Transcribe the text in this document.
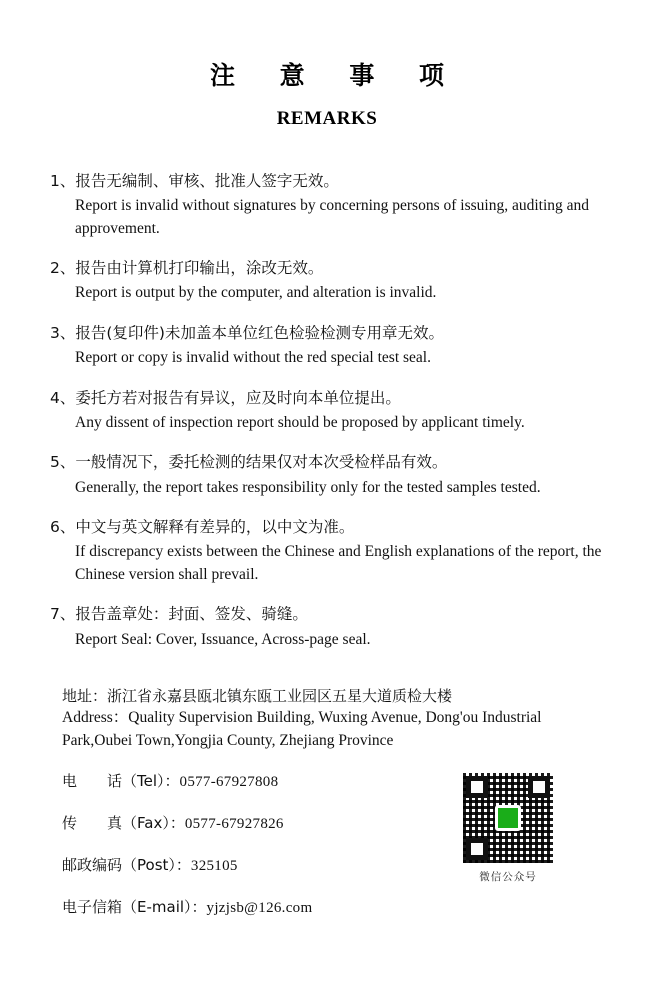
注 意 事 项
REMARKS
1、报告无编制、审核、批准人签字无效。
Report is invalid without signatures by concerning persons of issuing, auditing and approvement.
2、报告由计算机打印输出，涂改无效。
Report is output by the computer, and alteration is invalid.
3、报告(复印件)未加盖本单位红色检验检测专用章无效。
Report or copy is invalid without the red special test seal.
4、委托方若对报告有异议，应及时向本单位提出。
Any dissent of inspection report should be proposed by applicant timely.
5、一般情况下，委托检测的结果仅对本次受检样品有效。
Generally, the report takes responsibility only for the tested samples tested.
6、中文与英文解释有差异的，以中文为准。
If discrepancy exists between the Chinese and English explanations of the report, the Chinese version shall prevail.
7、报告盖章处：封面、签发、骑缝。
Report Seal: Cover, Issuance, Across-page seal.
地址：浙江省永嘉县瓯北镇东瓯工业园区五星大道质检大楼
Address：Quality Supervision Building, Wuxing Avenue, Dong'ou Industrial Park,Oubei Town,Yongjia County, Zhejiang Province
电　　话（Tel）：0577-67927808
传　　真（Fax）：0577-67927826
邮政编码（Post）：325105
电子信箱（E-mail）：yjzjsb@126.com
微信公众号
